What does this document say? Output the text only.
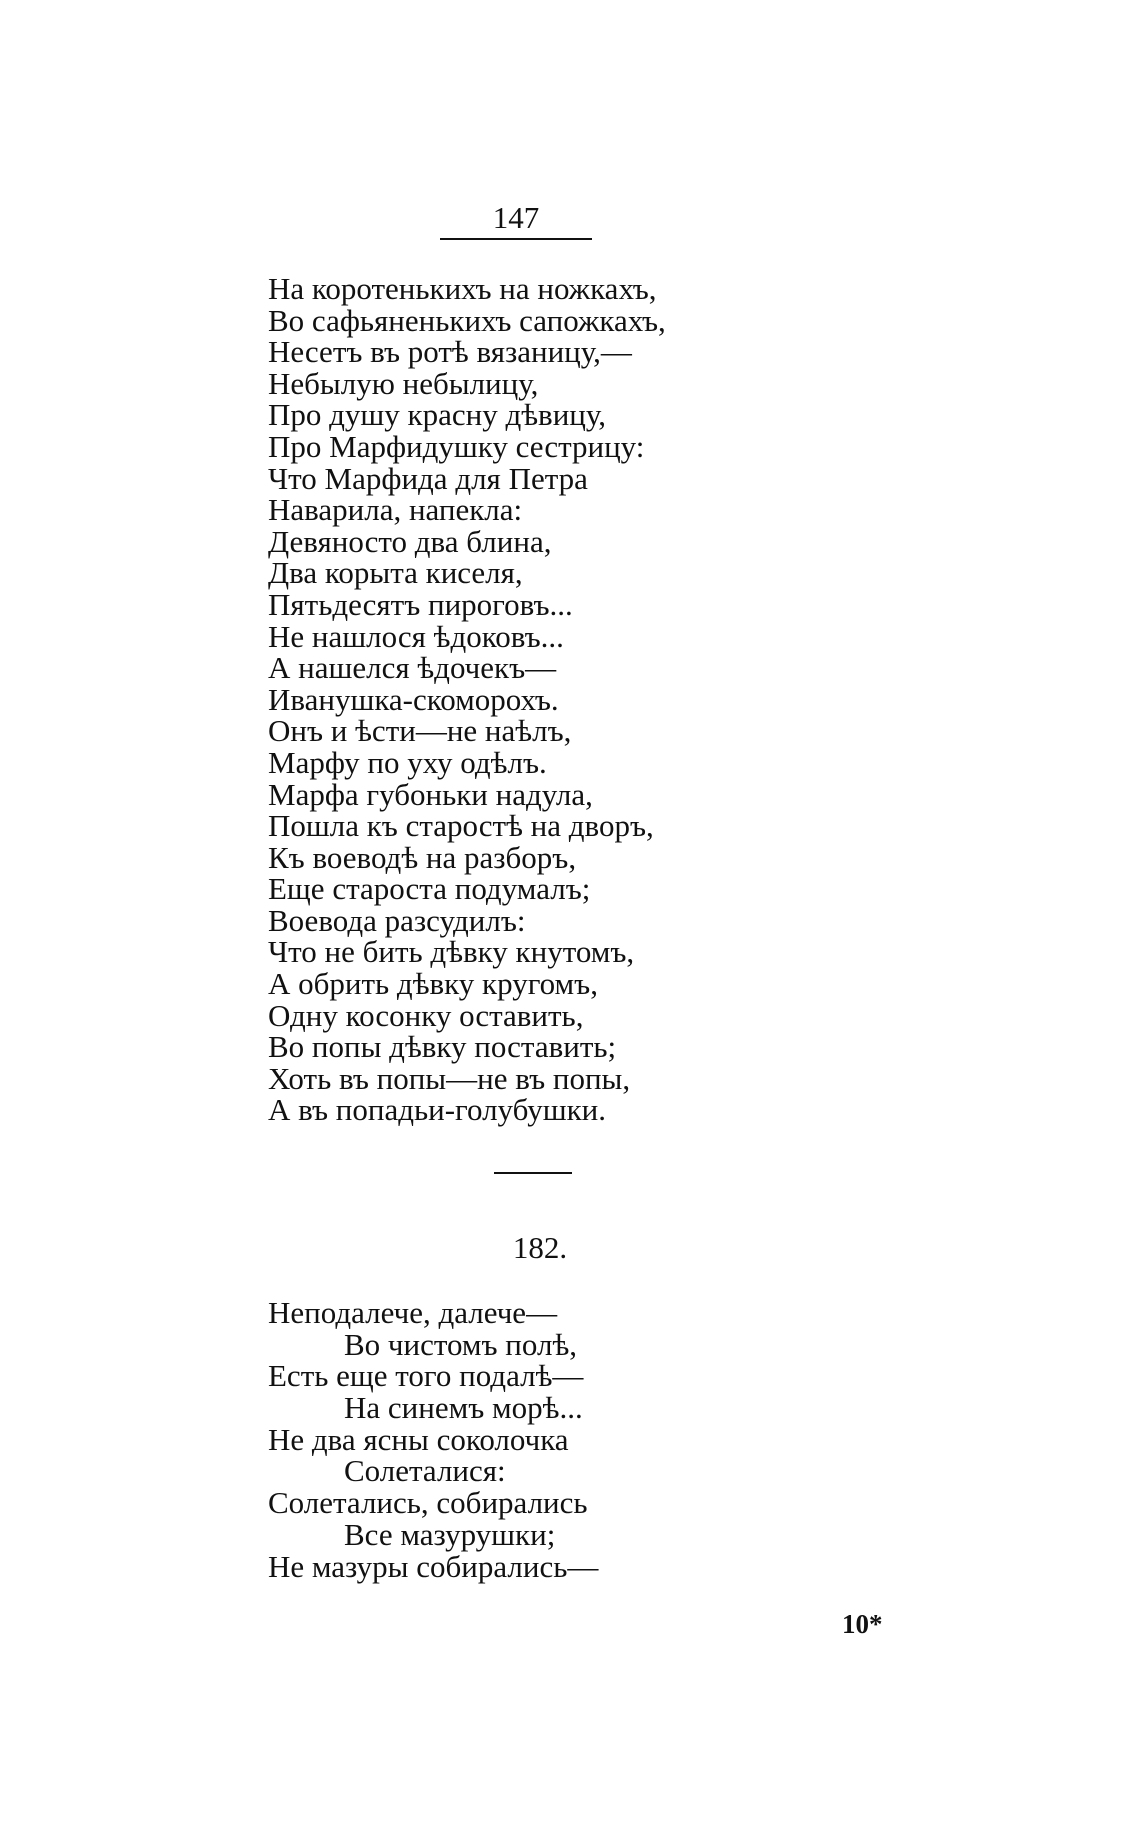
147
На коротенькихъ на ножкахъ,
Во сафьяненькихъ сапожкахъ,
Несетъ въ ротѣ вязаницу,—
Небылую небылицу,
Про душу красну дѣвицу,
Про Марфидушку сестрицу:
Что Марфида для Петра
Наварила, напекла:
Девяносто два блина,
Два корыта киселя,
Пятьдесятъ пироговъ...
Не нашлося ѣдоковъ...
А нашелся ѣдочекъ—
Иванушка-скоморохъ.
Онъ и ѣсти—не наѣлъ,
Марфу по уху одѣлъ.
Марфа губоньки надула,
Пошла къ старостѣ на дворъ,
Къ воеводѣ на разборъ,
Еще староста подумалъ;
Воевода разсудилъ:
Что не бить дѣвку кнутомъ,
А обрить дѣвку кругомъ,
Одну косонку оставить,
Во попы дѣвку поставить;
Хоть въ попы—не въ попы,
А въ попадьи-голубушки.
182.
Неподалече, далече—
Во чистомъ полѣ,
Есть еще того подалѣ—
На синемъ морѣ...
Не два ясны соколочка
Солеталися:
Солетались, собирались
Все мазурушки;
Не мазуры собирались—
10*
